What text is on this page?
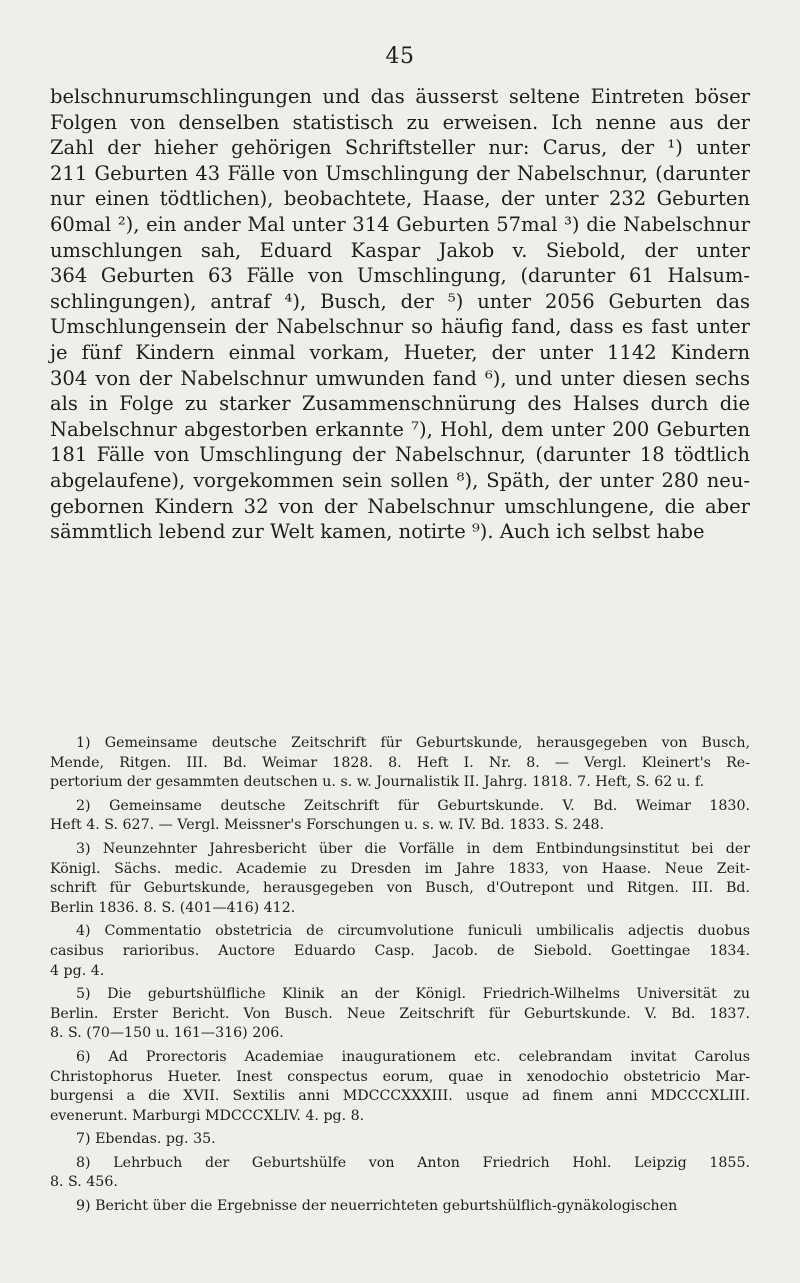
45
belschnurumschlingungen und das äusserst seltene Eintreten böser
Folgen von denselben statistisch zu erweisen. Ich nenne aus der
Zahl der hieher gehörigen Schriftsteller nur: Carus, der ¹) unter
211 Geburten 43 Fälle von Umschlingung der Nabelschnur, (darunter
nur einen tödtlichen), beobachtete, Haase, der unter 232 Geburten
60mal ²), ein ander Mal unter 314 Geburten 57mal ³) die Nabelschnur
umschlungen sah, Eduard Kaspar Jakob v. Siebold, der unter
364 Geburten 63 Fälle von Umschlingung, (darunter 61 Halsum-
schlingungen), antraf ⁴), Busch, der ⁵) unter 2056 Geburten das
Umschlungensein der Nabelschnur so häufig fand, dass es fast unter
je fünf Kindern einmal vorkam, Hueter, der unter 1142 Kindern
304 von der Nabelschnur umwunden fand ⁶), und unter diesen sechs
als in Folge zu starker Zusammenschnürung des Halses durch die
Nabelschnur abgestorben erkannte ⁷), Hohl, dem unter 200 Geburten
181 Fälle von Umschlingung der Nabelschnur, (darunter 18 tödtlich
abgelaufene), vorgekommen sein sollen ⁸), Späth, der unter 280 neu-
gebornen Kindern 32 von der Nabelschnur umschlungene, die aber
sämmtlich lebend zur Welt kamen, notirte ⁹). Auch ich selbst habe
1) Gemeinsame deutsche Zeitschrift für Geburtskunde, herausgegeben von Busch,
Mende, Ritgen. III. Bd. Weimar 1828. 8. Heft I. Nr. 8. — Vergl. Kleinert's Re-
pertorium der gesammten deutschen u. s. w. Journalistik II. Jahrg. 1818. 7. Heft, S. 62 u. f.
2) Gemeinsame deutsche Zeitschrift für Geburtskunde. V. Bd. Weimar 1830.
Heft 4. S. 627. — Vergl. Meissner's Forschungen u. s. w. IV. Bd. 1833. S. 248.
3) Neunzehnter Jahresbericht über die Vorfälle in dem Entbindungsinstitut bei der
Königl. Sächs. medic. Academie zu Dresden im Jahre 1833, von Haase. Neue Zeit-
schrift für Geburtskunde, herausgegeben von Busch, d'Outrepont und Ritgen. III. Bd.
Berlin 1836. 8. S. (401—416) 412.
4) Commentatio obstetricia de circumvolutione funiculi umbilicalis adjectis duobus
casibus rarioribus. Auctore Eduardo Casp. Jacob. de Siebold. Goettingae 1834.
4 pg. 4.
5) Die geburtshülfliche Klinik an der Königl. Friedrich-Wilhelms Universität zu
Berlin. Erster Bericht. Von Busch. Neue Zeitschrift für Geburtskunde. V. Bd. 1837.
8. S. (70—150 u. 161—316) 206.
6) Ad Prorectoris Academiae inaugurationem etc. celebrandam invitat Carolus
Christophorus Hueter. Inest conspectus eorum, quae in xenodochio obstetricio Mar-
burgensi a die XVII. Sextilis anni MDCCCXXXIII. usque ad finem anni MDCCCXLIII.
evenerunt. Marburgi MDCCCXLIV. 4. pg. 8.
7) Ebendas. pg. 35.
8) Lehrbuch der Geburtshülfe von Anton Friedrich Hohl. Leipzig 1855.
8. S. 456.
9) Bericht über die Ergebnisse der neuerrichteten geburtshülflich-gynäkologischen
